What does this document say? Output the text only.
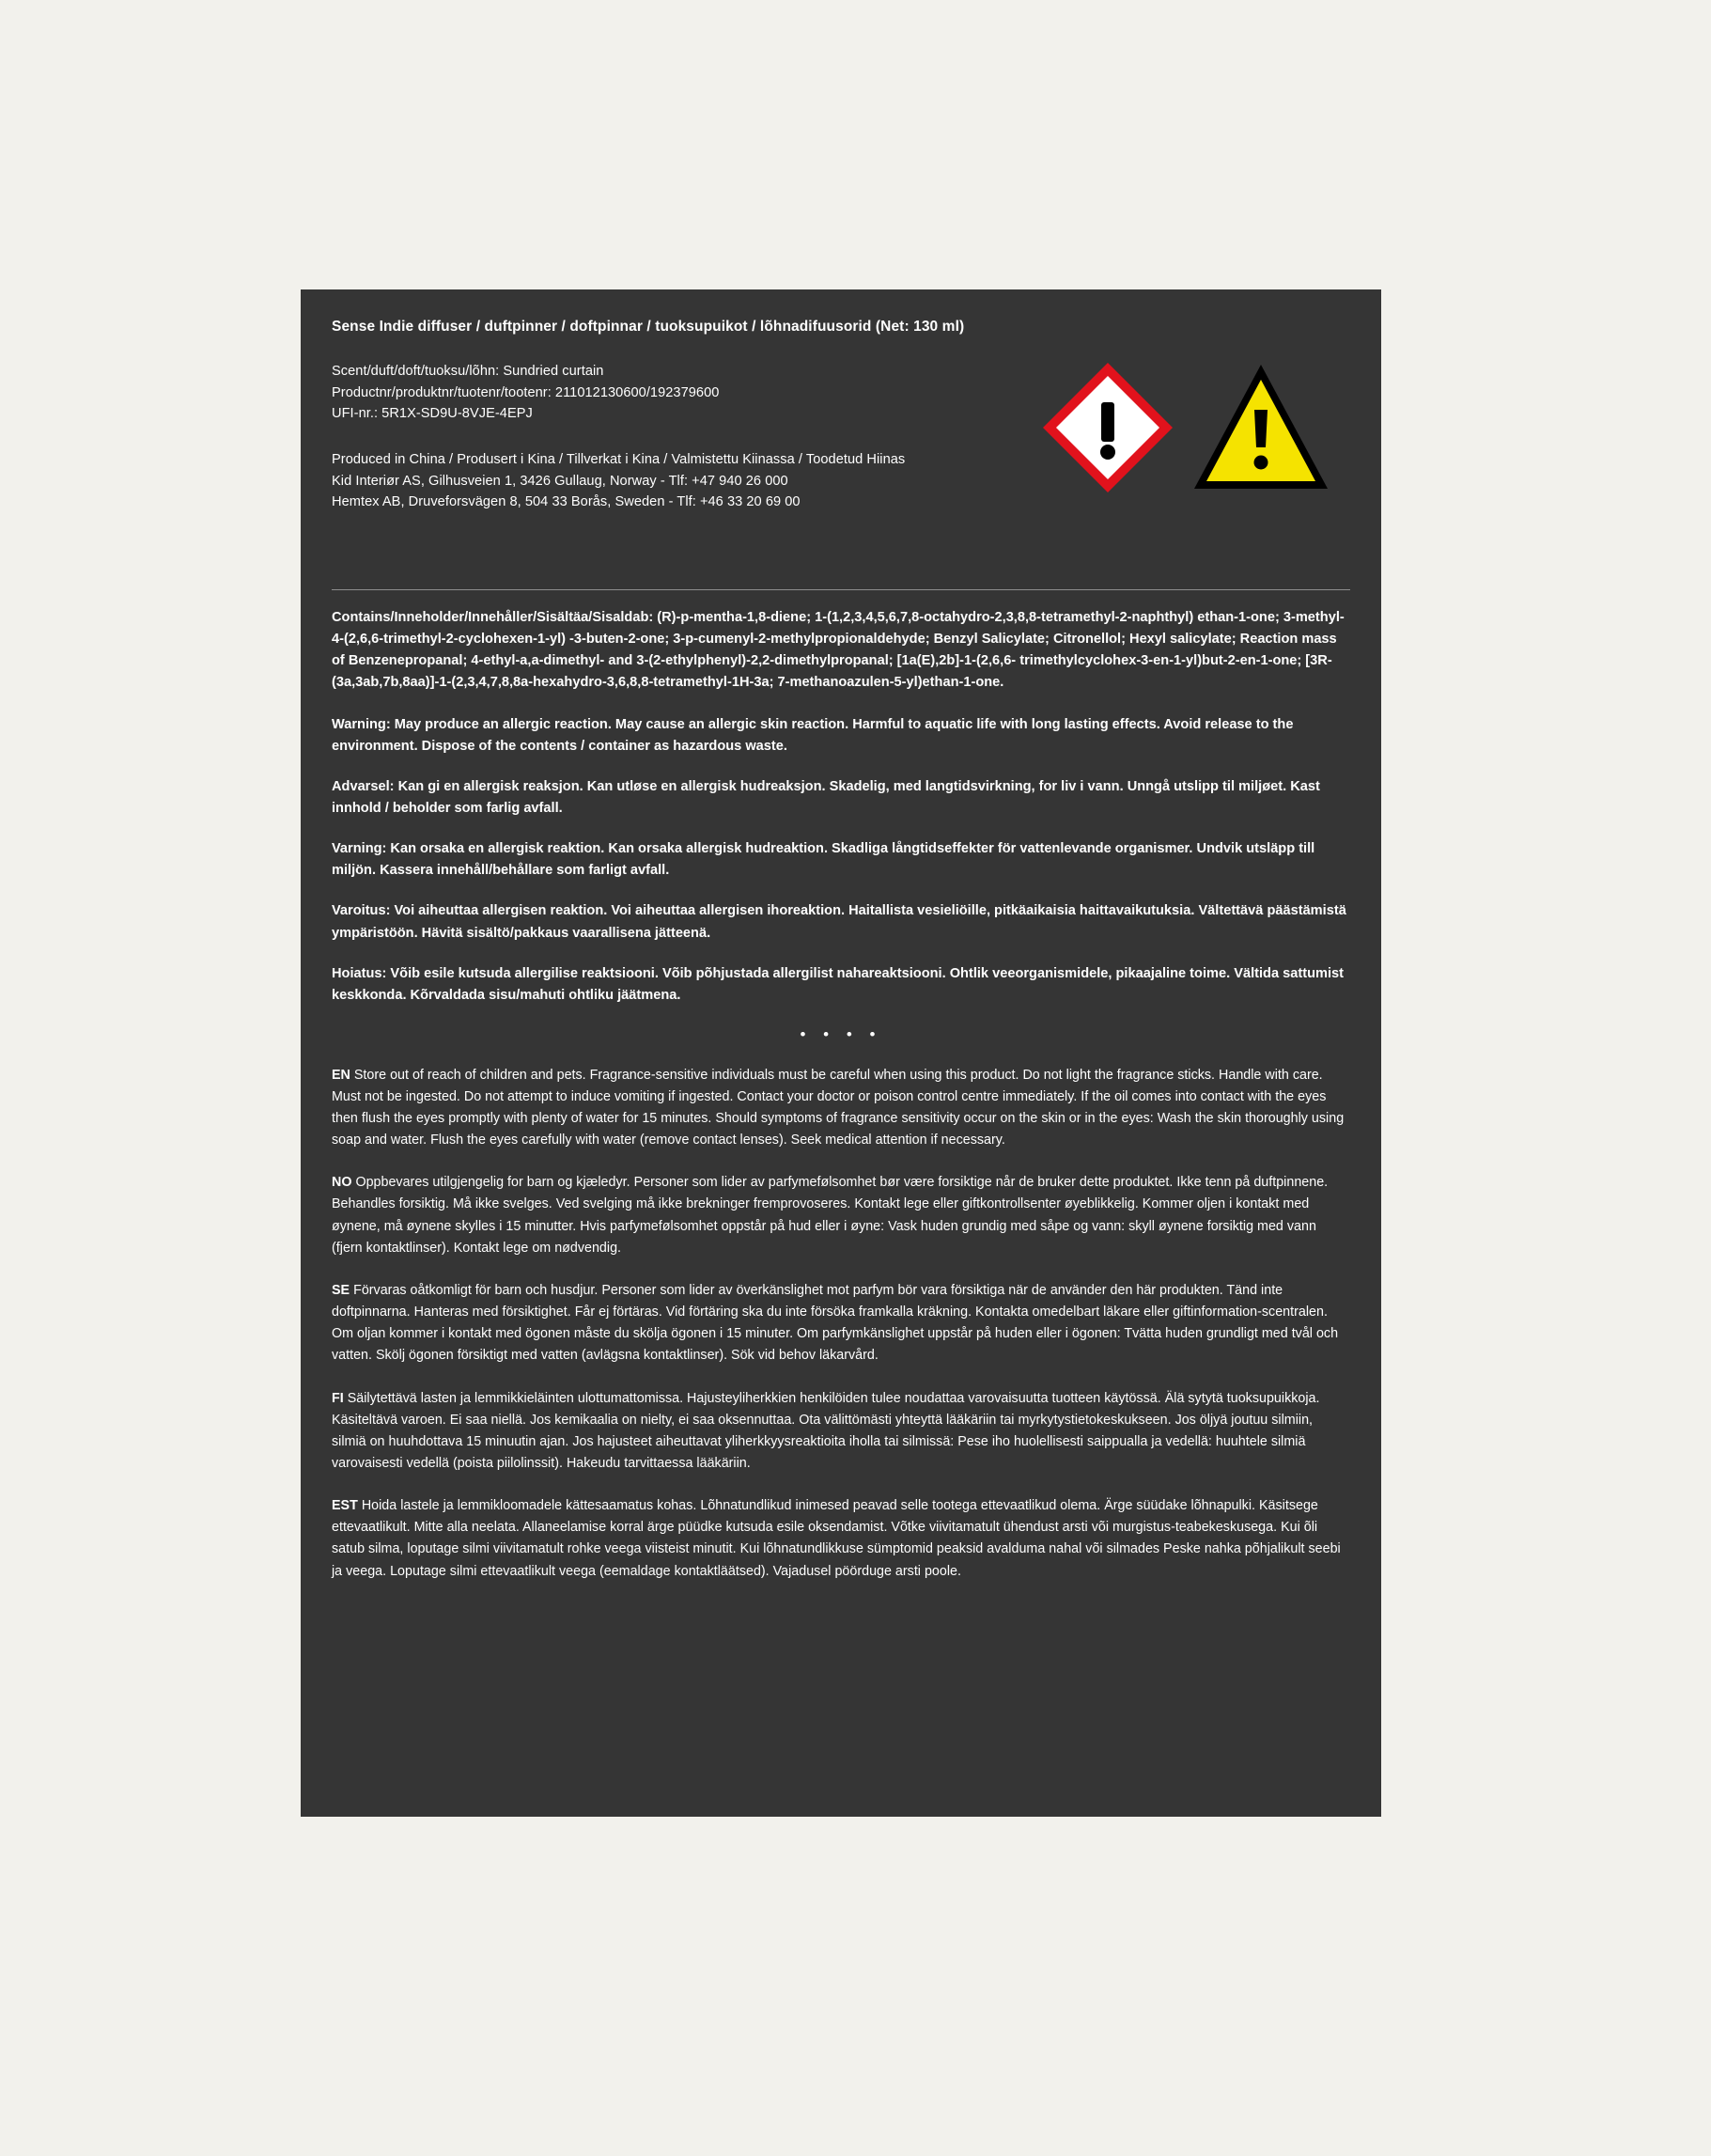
Sense Indie diffuser / duftpinner / doftpinnar / tuoksupuikot / lõhnadifuusorid (Net: 130 ml)
Scent/duft/doft/tuoksu/lõhn: Sundried curtain
Productnr/produktnr/tuotenr/tootenr: 211012130600/192379600
UFI-nr.: 5R1X-SD9U-8VJE-4EPJ
Produced in China / Produsert i Kina / Tillverkat i Kina / Valmistettu Kiinassa / Toodetud Hiinas
Kid Interiør AS, Gilhusveien 1, 3426 Gullaug, Norway - Tlf: +47 940 26 000
Hemtex AB, Druveforsvägen 8, 504 33 Borås, Sweden - Tlf: +46 33 20 69 00
Contains/Inneholder/Innehåller/Sisältäa/Sisaldab: (R)-p-mentha-1,8-diene; 1-(1,2,3,4,5,6,7,8-octahydro-2,3,8,8-tetramethyl-2-naphthyl) ethan-1-one; 3-methyl-4-(2,6,6-trimethyl-2-cyclohexen-1-yl) -3-buten-2-one; 3-p-cumenyl-2-methylpropionaldehyde; Benzyl Salicylate; Citronellol; Hexyl salicylate; Reaction mass of Benzenepropanal; 4-ethyl-a,a-dimethyl- and 3-(2-ethylphenyl)-2,2-dimethylpropanal; [1a(E),2b]-1-(2,6,6- trimethylcyclohex-3-en-1-yl)but-2-en-1-one; [3R-(3a,3ab,7b,8aa)]-1-(2,3,4,7,8,8a-hexahydro-3,6,8,8-tetramethyl-1H-3a; 7-methanoazulen-5-yl)ethan-1-one.
Warning: May produce an allergic reaction. May cause an allergic skin reaction. Harmful to aquatic life with long lasting effects. Avoid release to the environment. Dispose of the contents / container as hazardous waste.
Advarsel: Kan gi en allergisk reaksjon. Kan utløse en allergisk hudreaksjon. Skadelig, med langtidsvirkning, for liv i vann. Unngå utslipp til miljøet. Kast innhold / beholder som farlig avfall.
Varning: Kan orsaka en allergisk reaktion. Kan orsaka allergisk hudreaktion. Skadliga långtidseffekter för vattenlevande organismer. Undvik utsläpp till miljön. Kassera innehåll/behållare som farligt avfall.
Varoitus: Voi aiheuttaa allergisen reaktion. Voi aiheuttaa allergisen ihoreaktion. Haitallista vesieliöille, pitkäaikaisia haittavaikutuksia. Vältettävä päästämistä ympäristöön. Hävitä sisältö/pakkaus vaarallisena jätteenä.
Hoiatus: Võib esile kutsuda allergilise reaktsiooni. Võib põhjustada allergilist nahareaktsiooni. Ohtlik veeorganismidele, pikaajaline toime. Vältida sattumist keskkonda. Kõrvaldada sisu/mahuti ohtliku jäätmena.
• • • •
EN Store out of reach of children and pets. Fragrance-sensitive individuals must be careful when using this product. Do not light the fragrance sticks. Handle with care. Must not be ingested. Do not attempt to induce vomiting if ingested. Contact your doctor or poison control centre immediately. If the oil comes into contact with the eyes then flush the eyes promptly with plenty of water for 15 minutes. Should symptoms of fragrance sensitivity occur on the skin or in the eyes: Wash the skin thoroughly using soap and water. Flush the eyes carefully with water (remove contact lenses). Seek medical attention if necessary.
NO Oppbevares utilgjengelig for barn og kjæledyr. Personer som lider av parfymefølsomhet bør være forsiktige når de bruker dette produktet. Ikke tenn på duftpinnene. Behandles forsiktig. Må ikke svelges. Ved svelging må ikke brekninger fremprovoseres. Kontakt lege eller giftkontrollsenter øyeblikkelig. Kommer oljen i kontakt med øynene, må øynene skylles i 15 minutter. Hvis parfymefølsomhet oppstår på hud eller i øyne: Vask huden grundig med såpe og vann: skyll øynene forsiktig med vann (fjern kontaktlinser). Kontakt lege om nødvendig.
SE Förvaras oåtkomligt för barn och husdjur. Personer som lider av överkänslighet mot parfym bör vara försiktiga när de använder den här produkten. Tänd inte doftpinnarna. Hanteras med försiktighet. Får ej förtäras. Vid förtäring ska du inte försöka framkalla kräkning. Kontakta omedelbart läkare eller giftinformation-scentralen. Om oljan kommer i kontakt med ögonen måste du skölja ögonen i 15 minuter. Om parfymkänslighet uppstår på huden eller i ögonen: Tvätta huden grundligt med tvål och vatten. Skölj ögonen försiktigt med vatten (avlägsna kontaktlinser). Sök vid behov läkarvård.
FI Säilytettävä lasten ja lemmikkieläinten ulottumattomissa. Hajusteyliherkkien henkilöiden tulee noudattaa varovaisuutta tuotteen käytössä. Älä sytytä tuoksupuikkoja. Käsiteltävä varoen. Ei saa niellä. Jos kemikaalia on nielty, ei saa oksennuttaa. Ota välittömästi yhteyttä lääkäriin tai myrkytystietokeskukseen. Jos öljyä joutuu silmiin, silmiä on huuhdottava 15 minuutin ajan. Jos hajusteet aiheuttavat yliherkkyysreaktioita iholla tai silmissä: Pese iho huolellisesti saippualla ja vedellä: huuhtele silmiä varovaisesti vedellä (poista piilolinssit). Hakeudu tarvittaessa lääkäriin.
EST Hoida lastele ja lemmikloomadele kättesaamatus kohas. Lõhnatundlikud inimesed peavad selle tootega ettevaatlikud olema. Ärge süüdake lõhnapulki. Käsitsege ettevaatlikult. Mitte alla neelata. Allaneelamise korral ärge püüdke kutsuda esile oksendamist. Võtke viivitamatult ühendust arsti või murgistus-teabekeskusega. Kui õli satub silma, loputage silmi viivitamatult rohke veega viisteist minutit. Kui lõhnatundlikkuse sümptomid peaksid avalduma nahal või silmades Peske nahka põhjalikult seebi ja veega. Loputage silmi ettevaatlikult veega (eemaldage kontaktläätsed). Vajadusel pöörduge arsti poole.
